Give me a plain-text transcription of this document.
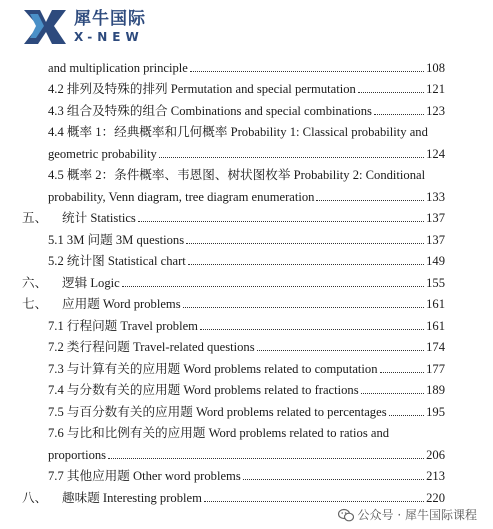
犀牛国际
X-NEW
and multiplication principle	108
4.2 排列及特殊的排列 Permutation and special permutation	121
4.3 组合及特殊的组合 Combinations and special combinations	123
4.4 概率 1：经典概率和几何概率 Probability 1: Classical probability and
geometric probability	124
4.5 概率 2：条件概率、韦恩图、树状图枚举 Probability 2: Conditional
probability, Venn diagram, tree diagram enumeration	133
五、	统计 Statistics	137
5.1 3M 问题 3M questions	137
5.2 统计图 Statistical chart	149
六、	逻辑 Logic	155
七、	应用题 Word problems	161
7.1 行程问题 Travel problem	161
7.2 类行程问题 Travel-related questions	174
7.3 与计算有关的应用题 Word problems related to computation	177
7.4 与分数有关的应用题 Word problems related to fractions	189
7.5 与百分数有关的应用题 Word problems related to percentages	195
7.6 与比和比例有关的应用题 Word problems related to ratios and
proportions	206
7.7 其他应用题 Other word problems	213
八、	趣味题 Interesting problem	220
公众号 · 犀牛国际课程
